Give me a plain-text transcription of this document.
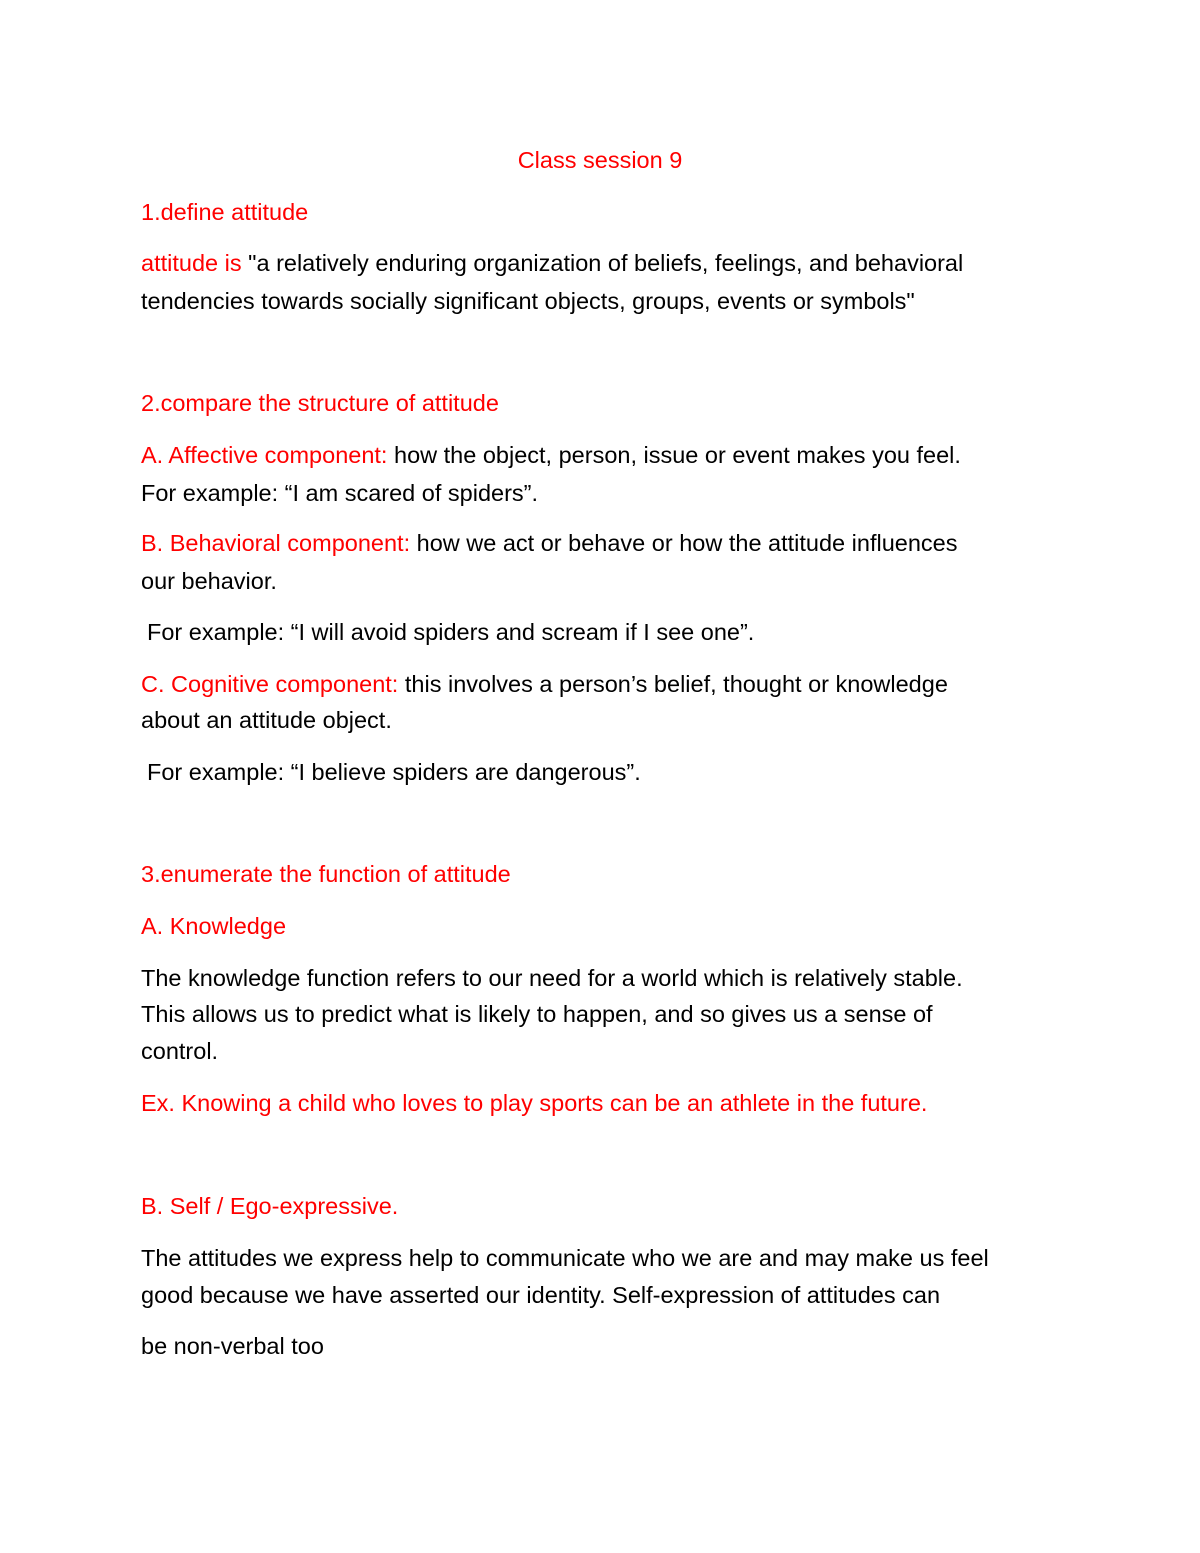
Class session 9
1.define attitude
attitude is "a relatively enduring organization of beliefs, feelings, and behavioral
tendencies towards socially significant objects, groups, events or symbols"
2.compare the structure of attitude
A. Affective component: how the object, person, issue or event makes you feel.
For example: “I am scared of spiders”.
B. Behavioral component: how we act or behave or how the attitude influences
our behavior.
For example: “I will avoid spiders and scream if I see one”.
C. Cognitive component: this involves a person’s belief, thought or knowledge
about an attitude object.
For example: “I believe spiders are dangerous”.
3.enumerate the function of attitude
A. Knowledge
The knowledge function refers to our need for a world which is relatively stable.
This allows us to predict what is likely to happen, and so gives us a sense of
control.
Ex. Knowing a child who loves to play sports can be an athlete in the future.
B. Self / Ego-expressive.
The attitudes we express help to communicate who we are and may make us feel
good because we have asserted our identity. Self-expression of attitudes can
be non-verbal too
